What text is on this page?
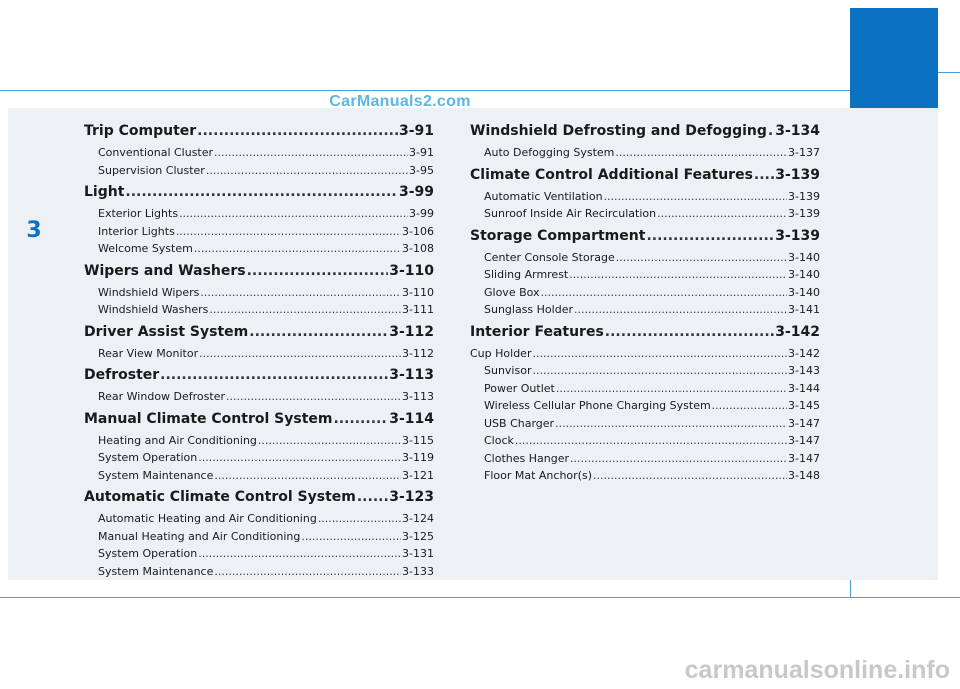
CarManuals2.com
3
Trip Computer .....	3-91
Conventional Cluster .....	3-91
Supervision Cluster .....	3-95
Light .....	3-99
Exterior Lights .....	3-99
Interior Lights .....	3-106
Welcome System .....	3-108
Wipers and Washers .....	3-110
Windshield Wipers .....	3-110
Windshield Washers .....	3-111
Driver Assist System .....	3-112
Rear View Monitor .....	3-112
Defroster .....	3-113
Rear Window Defroster .....	3-113
Manual Climate Control System .....	3-114
Heating and Air Conditioning .....	3-115
System Operation .....	3-119
System Maintenance .....	3-121
Automatic Climate Control System ..... 3-123
Automatic Heating and Air Conditioning .....	3-124
Manual Heating and Air Conditioning .....	3-125
System Operation .....	3-131
System Maintenance .....	3-133
Windshield Defrosting and Defogging ..... 3-134
Auto Defogging System .....	3-137
Climate Control Additional Features ..... 3-139
Automatic Ventilation .....	3-139
Sunroof Inside Air Recirculation .....	3-139
Storage Compartment .....	3-139
Center Console Storage .....	3-140
Sliding Armrest .....	3-140
Glove Box .....	3-140
Sunglass Holder .....	3-141
Interior Features .....	3-142
Cup Holder .....	3-142
Sunvisor .....	3-143
Power Outlet .....	3-144
Wireless Cellular Phone Charging System .....	3-145
USB Charger .....	3-147
Clock .....	3-147
Clothes Hanger .....	3-147
Floor Mat Anchor(s) .....	3-148
carmanualsonline.info
